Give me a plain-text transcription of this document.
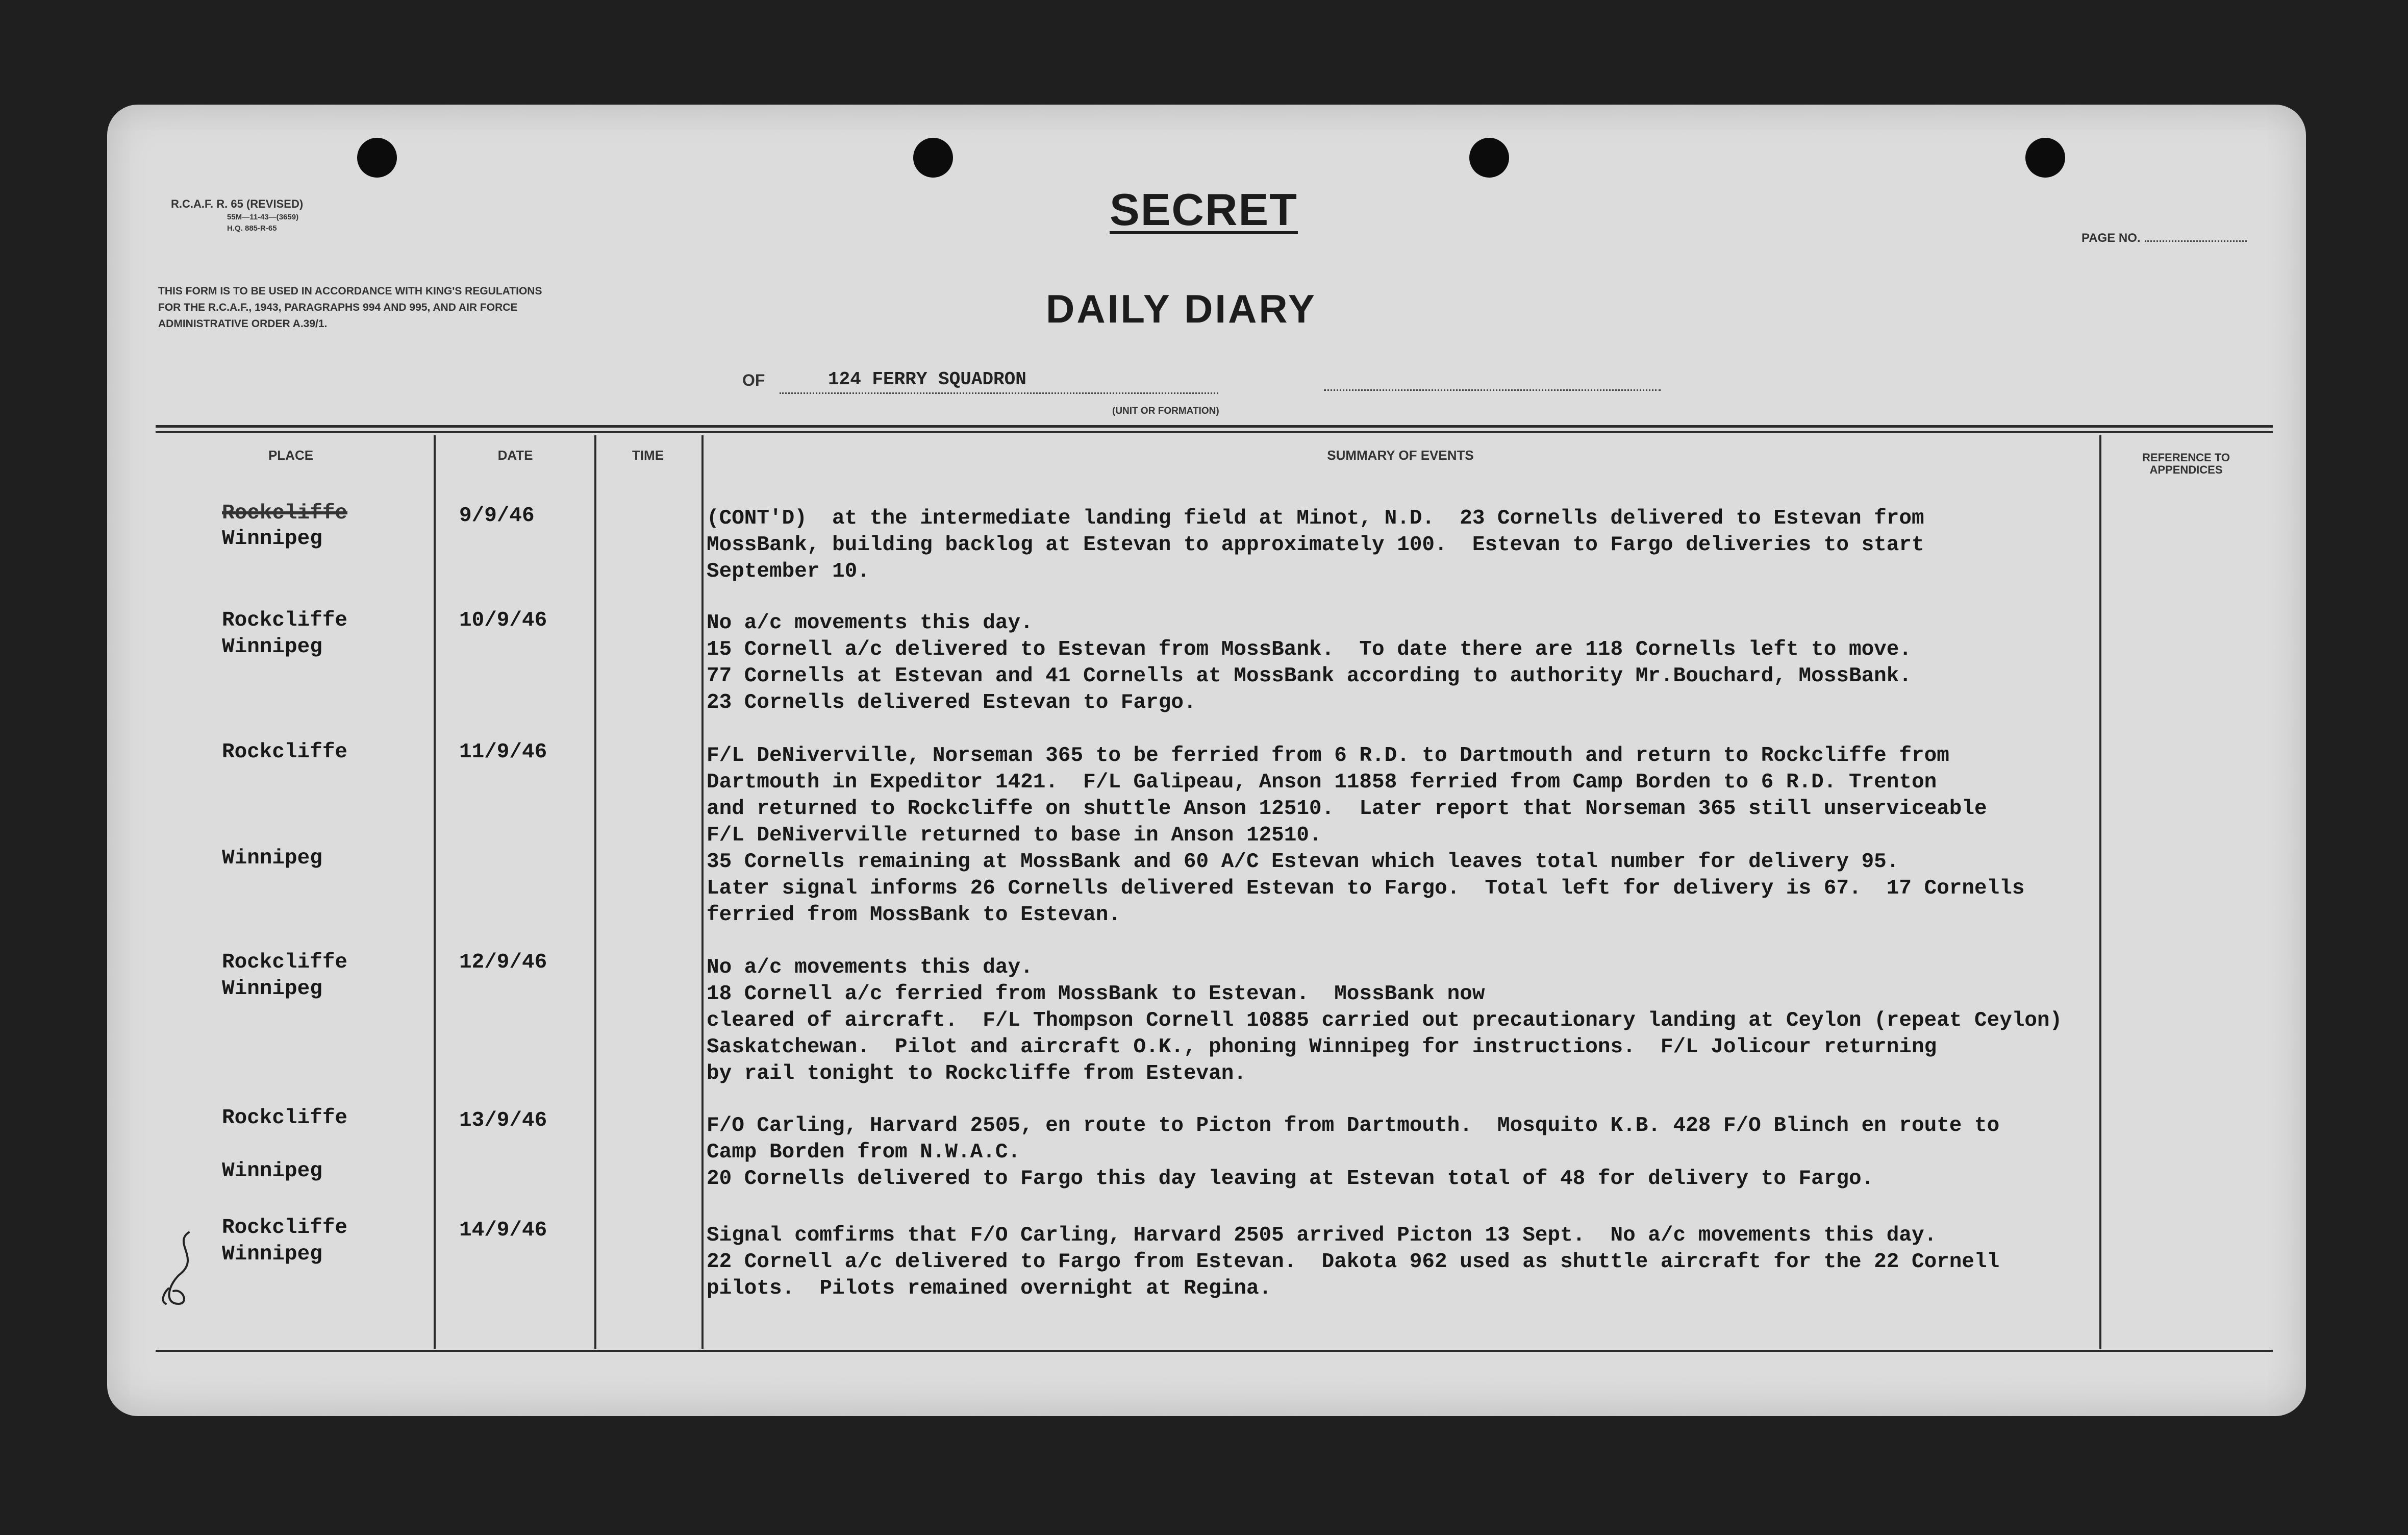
R.C.A.F. R. 65 (REVISED)
55M—11-43—(3659)
H.Q. 885-R-65	SECRET
PAGE NO.
THIS FORM IS TO BE USED IN ACCORDANCE WITH KING'S REGULATIONS FOR THE R.C.A.F., 1943, PARAGRAPHS 994 AND 995, AND AIR FORCE ADMINISTRATIVE ORDER A.39/1.	DAILY DIARY
OF	124 FERRY SQUADRON
(UNIT OR FORMATION)
PLACE	DATE	TIME	SUMMARY OF EVENTS	REFERENCE TO APPENDICES
Rockcliffe
Winnipeg
9/9/46	(CONT'D)  at the intermediate landing field at Minot, N.D.  23 Cornells delivered to Estevan from
MossBank, building backlog at Estevan to approximately 100.  Estevan to Fargo deliveries to start
September 10.
Rockcliffe
Winnipeg
10/9/46	No a/c movements this day.
15 Cornell a/c delivered to Estevan from MossBank.  To date there are 118 Cornells left to move.
77 Cornells at Estevan and 41 Cornells at MossBank according to authority Mr.Bouchard, MossBank.
23 Cornells delivered Estevan to Fargo.
Rockcliffe

Winnipeg
11/9/46	F/L DeNiverville, Norseman 365 to be ferried from 6 R.D. to Dartmouth and return to Rockcliffe from
Dartmouth in Expeditor 1421.  F/L Galipeau, Anson 11858 ferried from Camp Borden to 6 R.D. Trenton
and returned to Rockcliffe on shuttle Anson 12510.  Later report that Norseman 365 still unserviceable
F/L DeNiverville returned to base in Anson 12510.
35 Cornells remaining at MossBank and 60 A/C Estevan which leaves total number for delivery 95.
Later signal informs 26 Cornells delivered Estevan to Fargo.  Total left for delivery is 67.  17 Cornells
ferried from MossBank to Estevan.
Rockcliffe
Winnipeg
12/9/46	No a/c movements this day.
18 Cornell a/c ferried from MossBank to Estevan.  MossBank now
cleared of aircraft.  F/L Thompson Cornell 10885 carried out precautionary landing at Ceylon (repeat Ceylon)
Saskatchewan.  Pilot and aircraft O.K., phoning Winnipeg for instructions.  F/L Jolicour returning
by rail tonight to Rockcliffe from Estevan.
Rockcliffe

Winnipeg
13/9/46	F/O Carling, Harvard 2505, en route to Picton from Dartmouth.  Mosquito K.B. 428 F/O Blinch en route to
Camp Borden from N.W.A.C.
20 Cornells delivered to Fargo this day leaving at Estevan total of 48 for delivery to Fargo.
Rockcliffe
Winnipeg
14/9/46	Signal comfirms that F/O Carling, Harvard 2505 arrived Picton 13 Sept.  No a/c movements this day.
22 Cornell a/c delivered to Fargo from Estevan.  Dakota 962 used as shuttle aircraft for the 22 Cornell
pilots.  Pilots remained overnight at Regina.
